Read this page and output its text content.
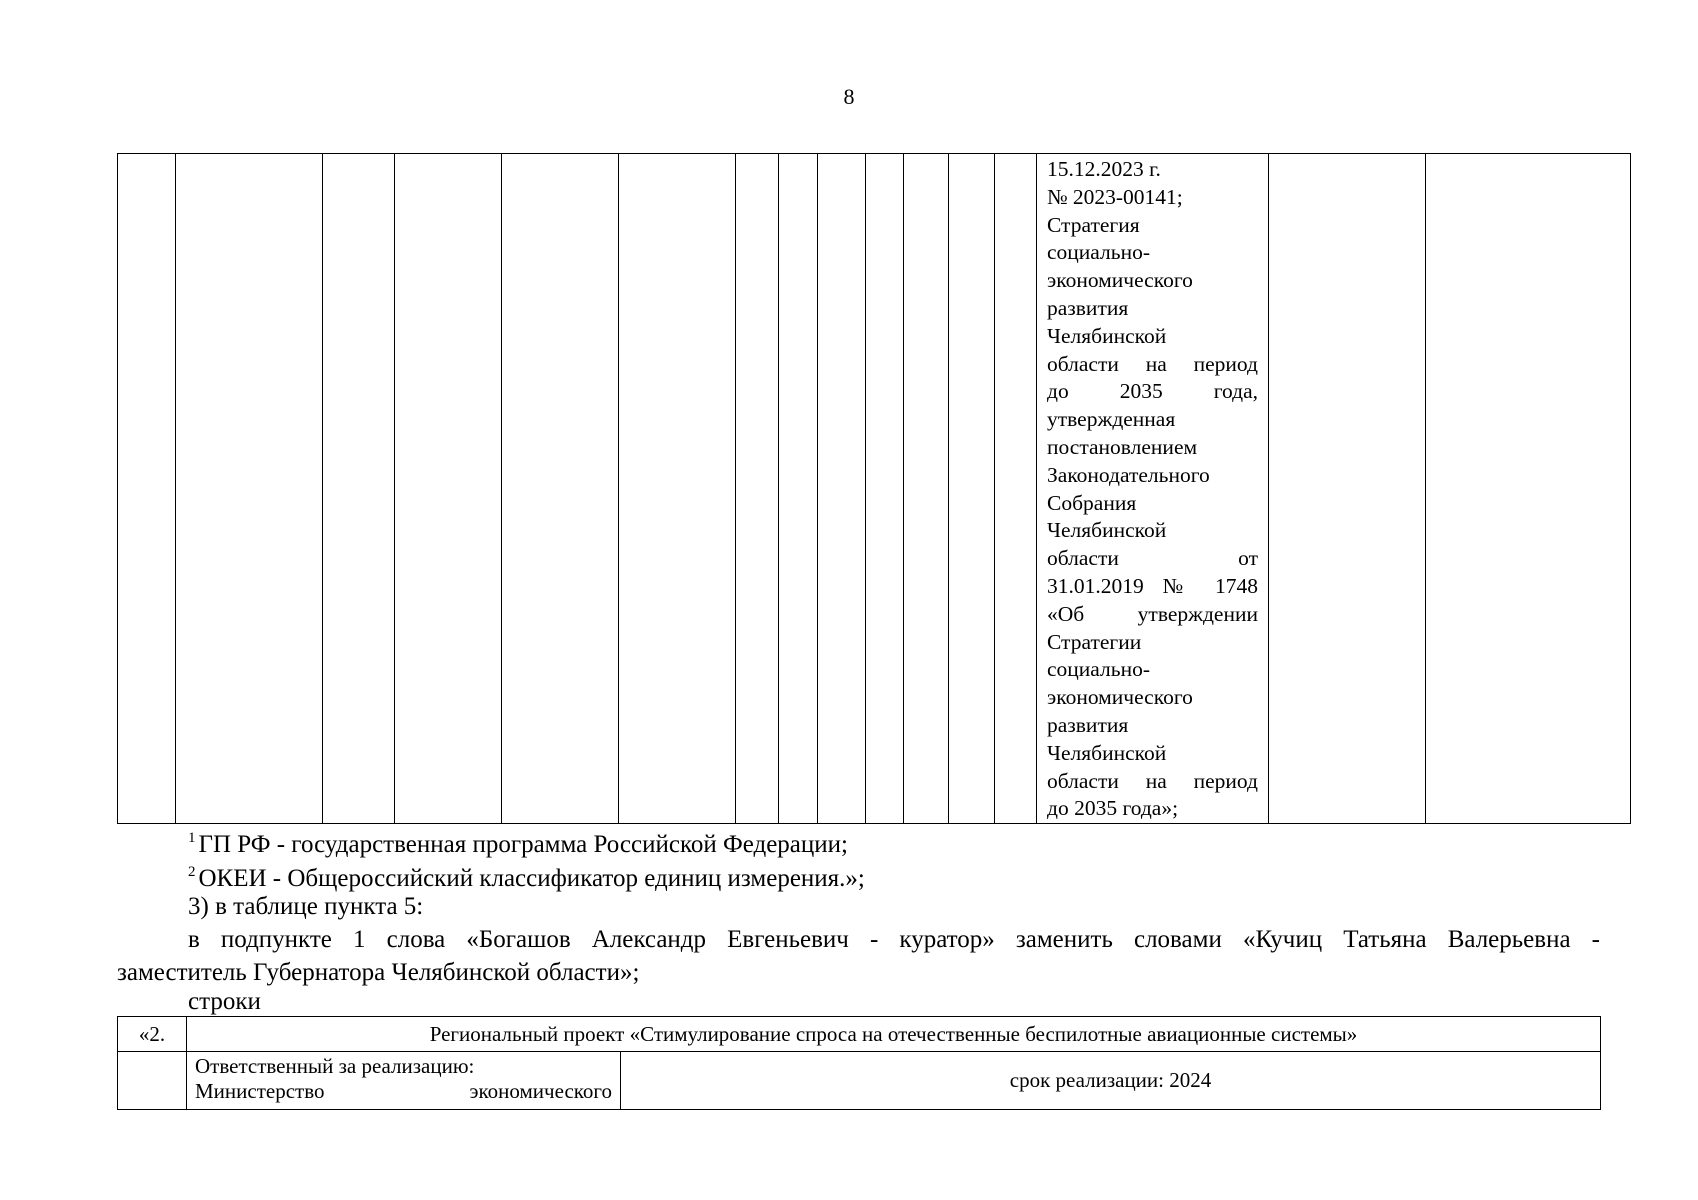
8

15.12.2023 г.
№ 2023-00141;
Стратегия
социально-
экономического
развития
Челябинской
области на период
до 2035 года,
утвержденная
постановлением
Законодательного
Собрания
Челябинской
области от
31.01.2019 № 1748
«Об утверждении
Стратегии
социально-
экономического
развития
Челябинской
области на период
до 2035 года»;

$^1$ ГП РФ - государственная программа Российской Федерации;
$^2$ ОКЕИ - Общероссийский классификатор единиц измерения.»;
3) в таблице пункта 5:
в подпункте 1 слова «Богашов Александр Евгеньевич - куратор» заменить словами «Кучиц Татьяна Валерьевна -
заместитель Губернатора Челябинской области»;
строки
«2.	Региональный проект «Стимулирование спроса на отечественные беспилотные авиационные системы»	

	Ответственный за реализацию:
Министерство экономического	срок реализации: 2024
